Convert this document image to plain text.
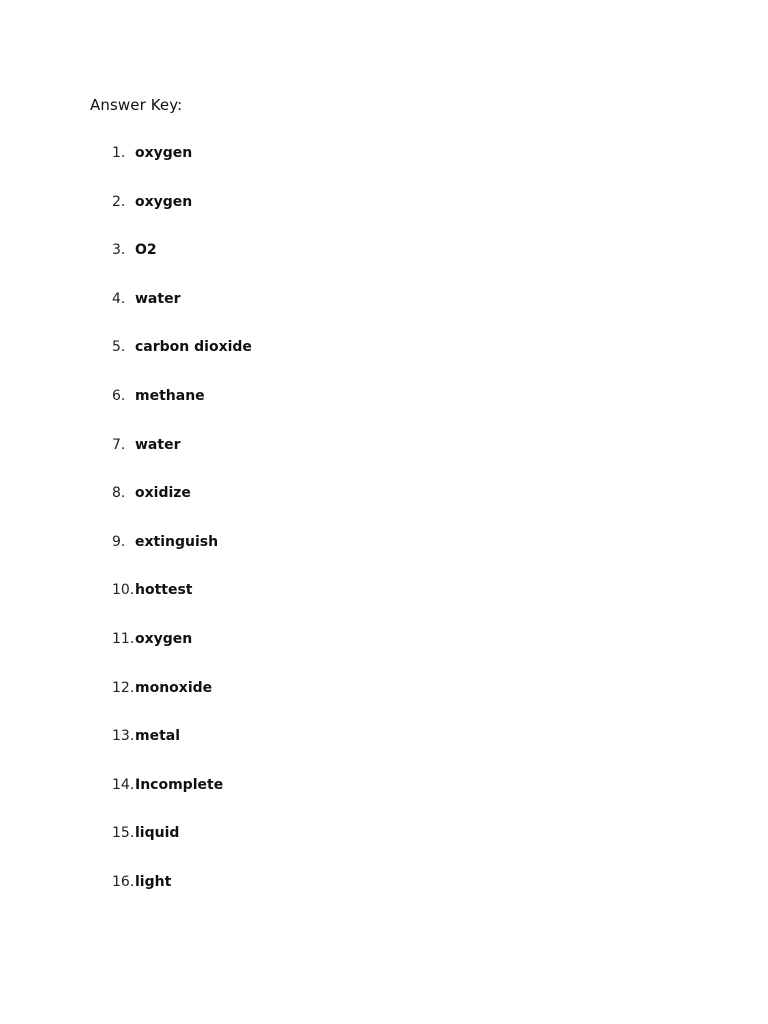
Answer Key:
1. oxygen
2. oxygen
3. O2
4. water
5. carbon dioxide
6. methane
7. water
8. oxidize
9. extinguish
10. hottest
11. oxygen
12. monoxide
13. metal
14. Incomplete
15. liquid
16. light
